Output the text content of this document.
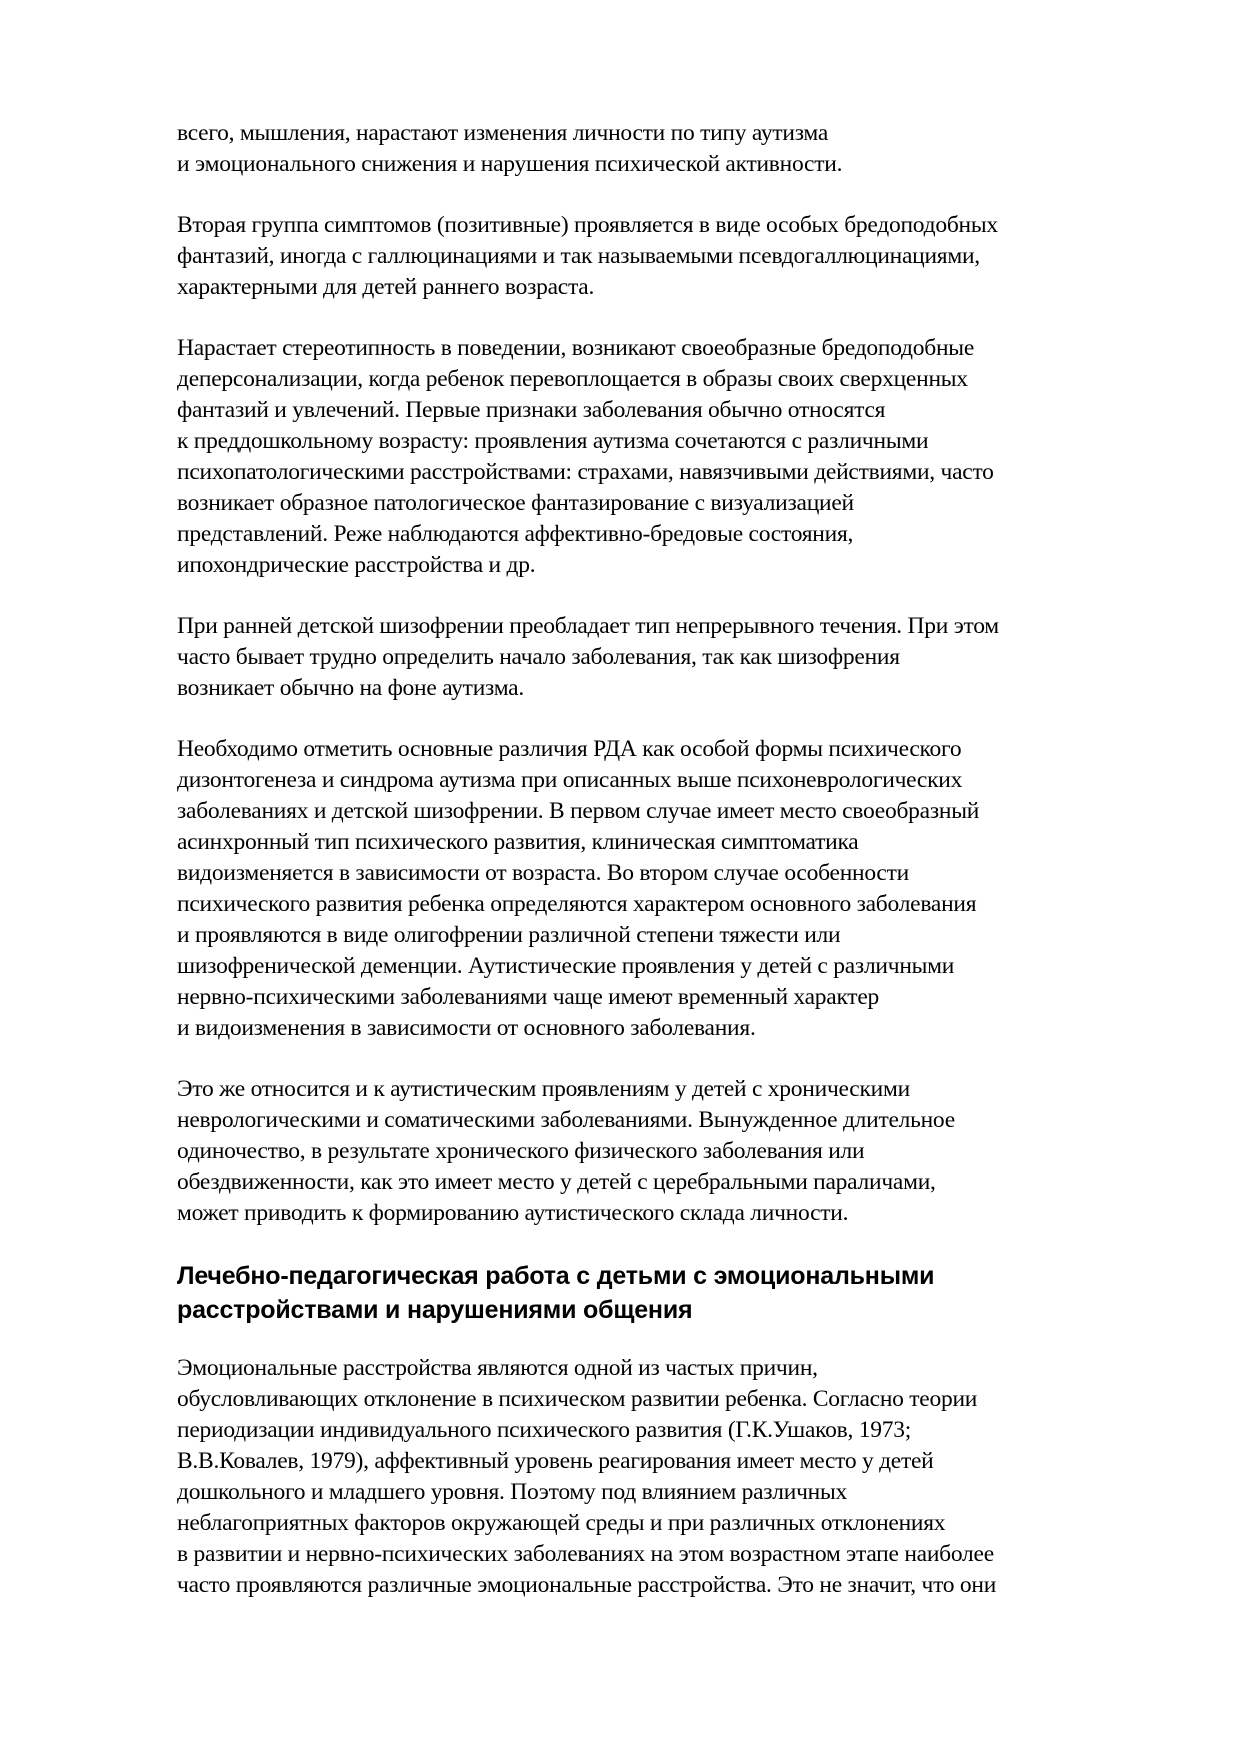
всего, мышления, нарастают изменения личности по типу аутизма
и эмоционального снижения и нарушения психической активности.

Вторая группа симптомов (позитивные) проявляется в виде особых бредоподобных
фантазий, иногда с галлюцинациями и так называемыми псевдогаллюцинациями,
характерными для детей раннего возраста.

Нарастает стереотипность в поведении, возникают своеобразные бредоподобные
деперсонализации, когда ребенок перевоплощается в образы своих сверхценных
фантазий и увлечений. Первые признаки заболевания обычно относятся
к преддошкольному возрасту: проявления аутизма сочетаются с различными
психопатологическими расстройствами: страхами, навязчивыми действиями, часто
возникает образное патологическое фантазирование с визуализацией
представлений. Реже наблюдаются аффективно-бредовые состояния,
ипохондрические расстройства и др.

При ранней детской шизофрении преобладает тип непрерывного течения. При этом
часто бывает трудно определить начало заболевания, так как шизофрения
возникает обычно на фоне аутизма.

Необходимо отметить основные различия РДА как особой формы психического
дизонтогенеза и синдрома аутизма при описанных выше психоневрологических
заболеваниях и детской шизофрении. В первом случае имеет место своеобразный
асинхронный тип психического развития, клиническая симптоматика
видоизменяется в зависимости от возраста. Во втором случае особенности
психического развития ребенка определяются характером основного заболевания
и проявляются в виде олигофрении различной степени тяжести или
шизофренической деменции. Аутистические проявления у детей с различными
нервно-психическими заболеваниями чаще имеют временный характер
и видоизменения в зависимости от основного заболевания.

Это же относится и к аутистическим проявлениям у детей с хроническими
неврологическими и соматическими заболеваниями. Вынужденное длительное
одиночество, в результате хронического физического заболевания или
обездвиженности, как это имеет место у детей с церебральными параличами,
может приводить к формированию аутистического склада личности.

Лечебно-педагогическая работа с детьми с эмоциональными
расстройствами и нарушениями общения

Эмоциональные расстройства являются одной из частых причин,
обусловливающих отклонение в психическом развитии ребенка. Согласно теории
периодизации индивидуального психического развития (Г.К.Ушаков, 1973;
В.В.Ковалев, 1979), аффективный уровень реагирования имеет место у детей
дошкольного и младшего уровня. Поэтому под влиянием различных
неблагоприятных факторов окружающей среды и при различных отклонениях
в развитии и нервно-психических заболеваниях на этом возрастном этапе наиболее
часто проявляются различные эмоциональные расстройства. Это не значит, что они
